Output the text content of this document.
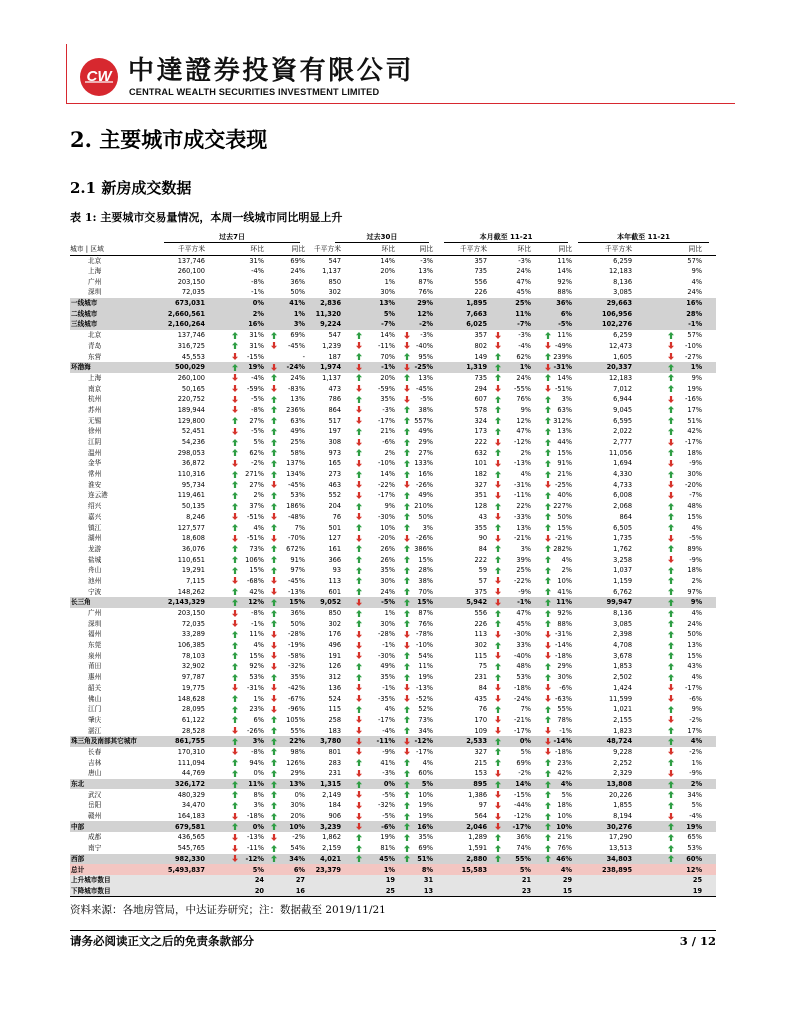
CW 中達證券投資有限公司
CENTRAL WEALTH SECURITIES INVESTMENT LIMITED
2. 主要城市成交表现
2.1 新房成交数据
表 1: 主要城市交易量情况，本周一线城市同比明显上升

	过去7日			过去30日			本月截至 11-21			本年截至 11-21	

城市 | 区域	千平方米	环比	同比	千平方米	环比	同比	千平方米	环比	同比	千平方米	同比
北京	137,746	31%	69%	547	14%	-3%	357	-3%	11%	6,259	57%

上海	260,100	-4%	24%	1,137	20%	13%	735	24%	14%	12,183	9%

广州	203,150	-8%	36%	850	1%	87%	556	47%	92%	8,136	4%

深圳	72,035	-1%	50%	302	30%	76%	226	45%	88%	3,085	24%

一线城市	673,031	0%	41%	2,836	13%	29%	1,895	25%	36%	29,663	16%

二线城市	2,660,561	2%	1%	11,320	5%	12%	7,663	11%	6%	106,956	28%

三线城市	2,160,264	16%	3%	9,224	-7%	-2%	6,025	-7%	-5%	102,276	-1%

北京	137,746	31%	69%	547	14%	-3%	357	-3%	11%	6,259	57%

青岛	316,725	31%	-45%	1,239	-11%	-40%	802	-4%	-49%	12,473	-10%

东营	45,553	-15%	-	187	70%	95%	149	62%	239%	1,605	-27%

环渤海	500,029	19%	-24%	1,974	-1%	-25%	1,319	1%	-31%	20,337	1%

上海	260,100	-4%	24%	1,137	20%	13%	735	24%	14%	12,183	9%

南京	50,165	-59%	-83%	473	-59%	-45%	294	-55%	-51%	7,012	19%

杭州	220,752	-5%	13%	786	35%	-5%	607	76%	3%	6,944	-16%

苏州	189,944	-8%	236%	864	-3%	38%	578	9%	63%	9,045	17%

无锡	129,800	27%	63%	517	-17%	557%	324	12%	312%	6,595	51%

徐州	52,451	-5%	49%	197	21%	49%	173	47%	13%	2,022	42%

江阴	54,236	5%	25%	308	-6%	29%	222	-12%	44%	2,777	-17%

温州	298,053	62%	58%	973	2%	27%	632	2%	15%	11,056	18%

金华	36,872	-2%	137%	165	-10%	133%	101	-13%	91%	1,694	-9%

常州	110,316	271%	134%	273	14%	16%	182	4%	21%	4,330	30%

淮安	95,734	27%	-45%	463	-22%	-26%	327	-31%	-25%	4,733	-20%

连云港	119,461	2%	53%	552	-17%	49%	351	-11%	40%	6,008	-7%

绍兴	50,135	37%	186%	204	9%	210%	128	22%	227%	2,068	48%

嘉兴	8,246	-51%	-48%	76	-30%	50%	43	-33%	50%	864	15%

镇江	127,577	4%	7%	501	10%	3%	355	13%	15%	6,505	4%

湖州	18,608	-51%	-70%	127	-20%	-26%	90	-21%	-21%	1,735	-5%

龙游	36,076	73%	672%	161	26%	386%	84	3%	282%	1,762	89%

盐城	110,651	106%	91%	366	26%	15%	222	39%	4%	3,258	-9%

舟山	19,291	15%	97%	93	35%	28%	59	25%	2%	1,037	18%

池州	7,115	-68%	-45%	113	30%	38%	57	-22%	10%	1,159	2%

宁波	148,262	42%	-13%	601	24%	70%	375	-9%	41%	6,762	97%

长三角	2,143,329	12%	15%	9,052	-5%	15%	5,942	-1%	11%	99,947	9%

广州	203,150	-8%	36%	850	1%	87%	556	47%	92%	8,136	4%

深圳	72,035	-1%	50%	302	30%	76%	226	45%	88%	3,085	24%

福州	33,289	11%	-28%	176	-28%	-78%	113	-30%	-31%	2,398	50%

东莞	106,385	4%	-19%	496	-1%	-10%	302	33%	-14%	4,708	13%

泉州	78,103	15%	-58%	191	-30%	54%	115	-40%	-18%	3,678	15%

莆田	32,902	92%	-32%	126	49%	11%	75	48%	29%	1,853	43%

惠州	97,787	53%	35%	312	35%	19%	231	53%	30%	2,502	4%

韶关	19,775	-31%	-42%	136	-1%	-13%	84	-18%	-6%	1,424	-17%

佛山	148,628	1%	-67%	524	-35%	-52%	435	-24%	-63%	11,599	-6%

江门	28,095	23%	-96%	115	4%	52%	76	7%	55%	1,021	9%

肇庆	61,122	6%	105%	258	-17%	73%	170	-21%	78%	2,155	-2%

湛江	28,528	-26%	55%	183	-4%	34%	109	-17%	-1%	1,823	17%

珠三角及南部其它城市	861,755	3%	22%	3,780	-11%	-12%	2,533	0%	-14%	48,724	4%

长春	170,310	-8%	98%	801	-9%	-17%	327	5%	-18%	9,228	-2%

吉林	111,094	94%	126%	283	41%	4%	215	69%	23%	2,252	1%

唐山	44,769	0%	29%	231	-3%	60%	153	-2%	42%	2,329	-9%

东北	326,172	11%	13%	1,315	0%	5%	895	14%	4%	13,808	2%

武汉	480,329	8%	0%	2,149	-5%	10%	1,386	-15%	5%	20,226	34%

岳阳	34,470	3%	30%	184	-32%	19%	97	-44%	18%	1,855	5%

赣州	164,183	-18%	20%	906	-5%	19%	564	-12%	10%	8,194	-4%

中部	679,581	0%	10%	3,239	-6%	16%	2,046	-17%	10%	30,276	19%

成都	436,565	-13%	-2%	1,862	19%	35%	1,289	36%	21%	17,290	65%

南宁	545,765	-11%	54%	2,159	81%	69%	1,591	74%	76%	13,513	53%

西部	982,330	-12%	34%	4,021	45%	51%	2,880	55%	46%	34,803	60%

总计	5,493,837	5%	6%	23,379	1%	8%	15,583	5%	4%	238,895	12%

上升城市数目		24	27		19	31		21	29		25

下降城市数目		20	16		25	13		23	15		19
资料来源：各地房管局，中达证券研究；注：数据截至 2019/11/21
请务必阅读正文之后的免责条款部分	3 / 12
